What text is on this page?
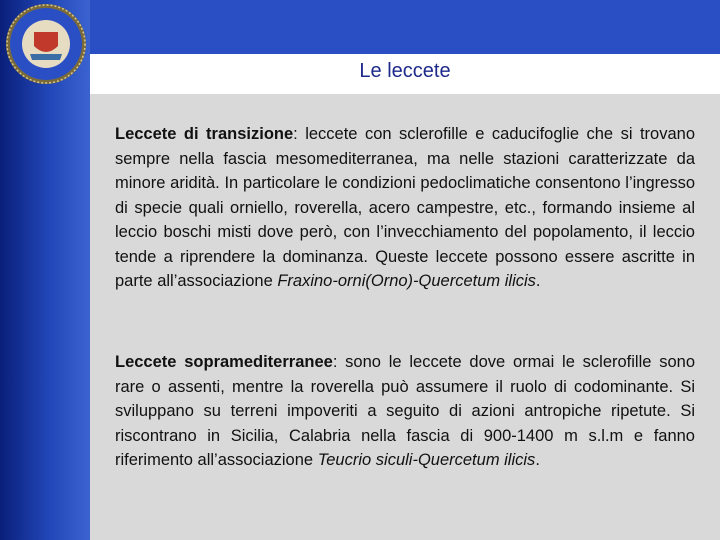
Le leccete
Leccete di transizione: leccete con sclerofille e caducifoglie che si trovano sempre nella fascia mesomediterranea, ma nelle stazioni caratterizzate da minore aridità. In particolare le condizioni pedoclimatiche consentono l’ingresso di specie quali orniello, roverella, acero campestre, etc., formando insieme al leccio boschi misti dove però, con l’invecchiamento del popolamento, il leccio tende a riprendere la dominanza. Queste leccete possono essere ascritte in parte all’associazione Fraxino-orni(Orno)-Quercetum ilicis.
Leccete sopramediterranee: sono le leccete dove ormai le sclerofille sono rare o assenti, mentre la roverella può assumere il ruolo di codominante. Si sviluppano su terreni impoveriti a seguito di azioni antropiche ripetute. Si riscontrano in Sicilia, Calabria nella fascia di 900-1400 m s.l.m e fanno riferimento all’associazione Teucrio siculi-Quercetum ilicis.
